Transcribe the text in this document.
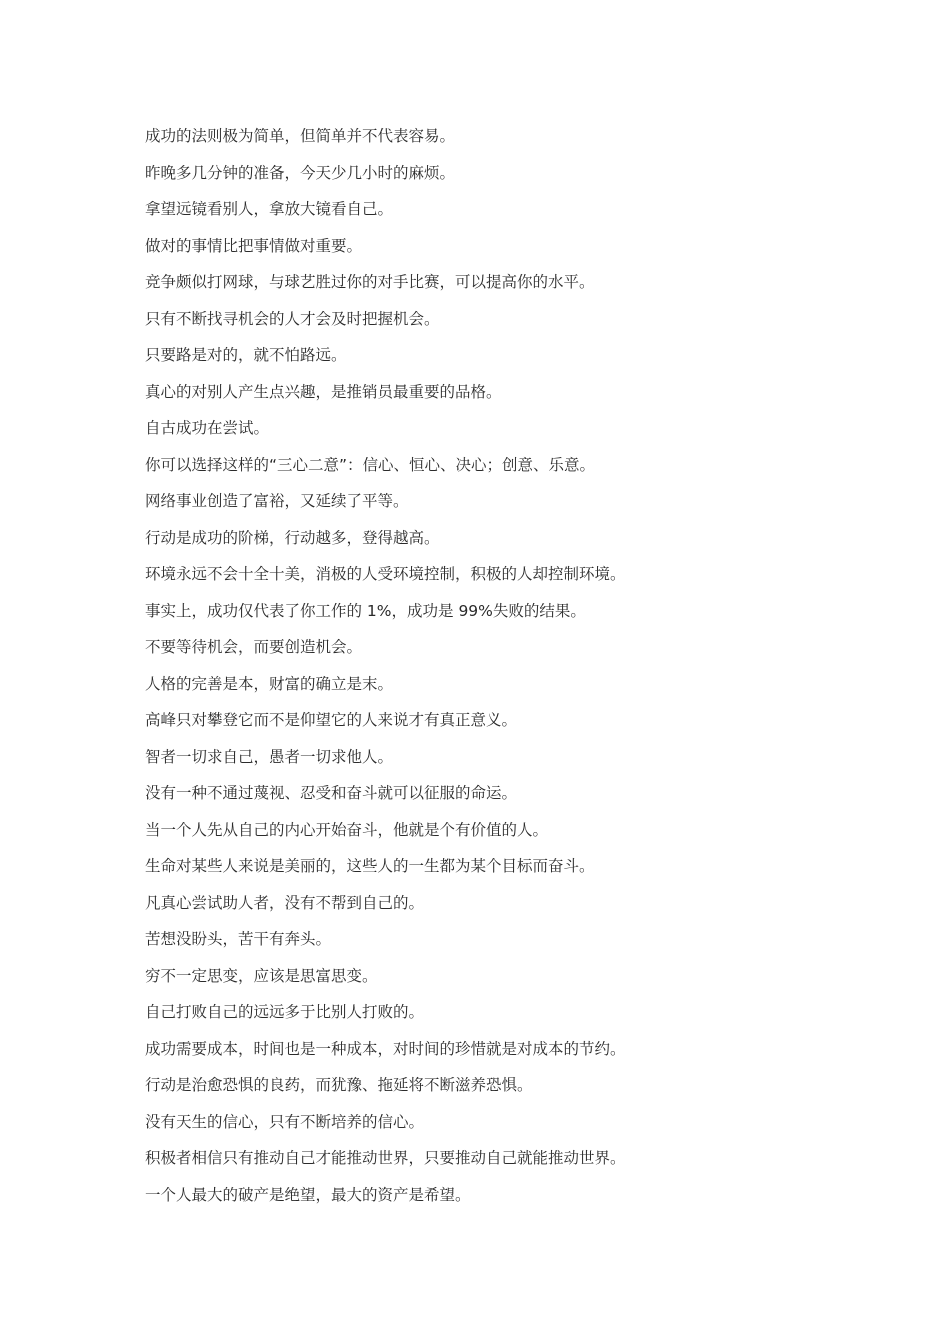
成功的法则极为简单，但简单并不代表容易。
昨晚多几分钟的准备，今天少几小时的麻烦。
拿望远镜看别人，拿放大镜看自己。
做对的事情比把事情做对重要。
竞争颇似打网球，与球艺胜过你的对手比赛，可以提高你的水平。
只有不断找寻机会的人才会及时把握机会。
只要路是对的，就不怕路远。
真心的对别人产生点兴趣，是推销员最重要的品格。
自古成功在尝试。
你可以选择这样的“三心二意”：信心、恒心、决心；创意、乐意。
网络事业创造了富裕，又延续了平等。
行动是成功的阶梯，行动越多，登得越高。
环境永远不会十全十美，消极的人受环境控制，积极的人却控制环境。
事实上，成功仅代表了你工作的 1%，成功是 99%失败的结果。
不要等待机会，而要创造机会。
人格的完善是本，财富的确立是末。
高峰只对攀登它而不是仰望它的人来说才有真正意义。
智者一切求自己，愚者一切求他人。
没有一种不通过蔑视、忍受和奋斗就可以征服的命运。
当一个人先从自己的内心开始奋斗，他就是个有价值的人。
生命对某些人来说是美丽的，这些人的一生都为某个目标而奋斗。
凡真心尝试助人者，没有不帮到自己的。
苦想没盼头，苦干有奔头。
穷不一定思变，应该是思富思变。
自己打败自己的远远多于比别人打败的。
成功需要成本，时间也是一种成本，对时间的珍惜就是对成本的节约。
行动是治愈恐惧的良药，而犹豫、拖延将不断滋养恐惧。
没有天生的信心，只有不断培养的信心。
积极者相信只有推动自己才能推动世界，只要推动自己就能推动世界。
一个人最大的破产是绝望，最大的资产是希望。
